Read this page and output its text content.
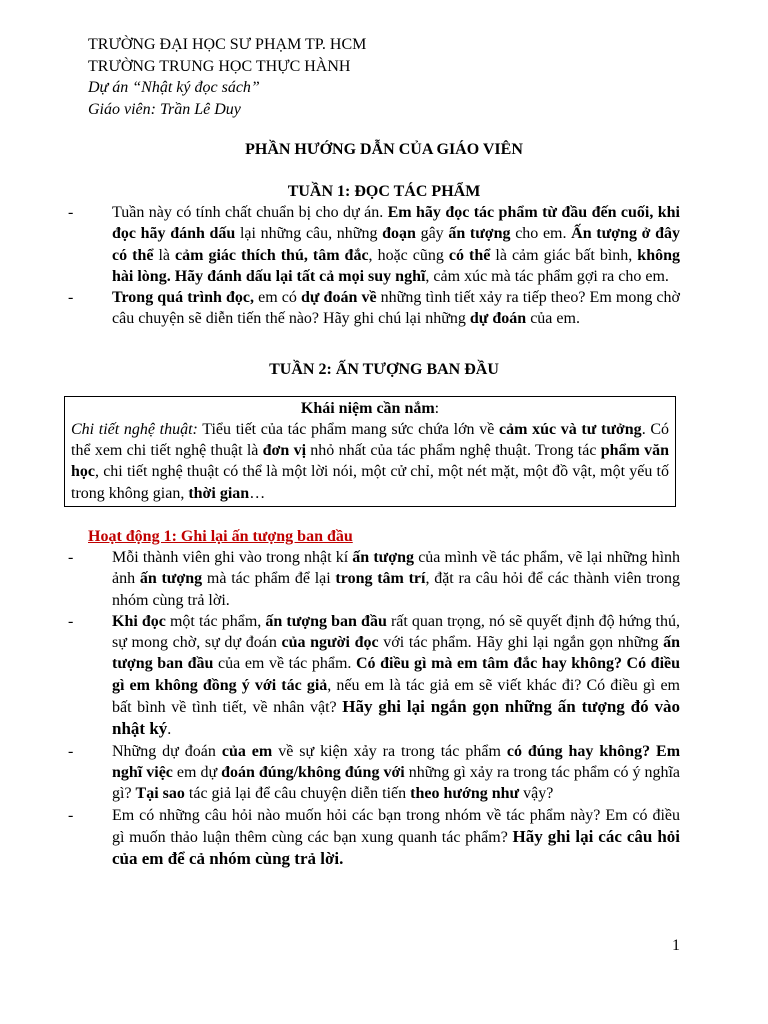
TRƯỜNG ĐẠI HỌC SƯ PHẠM TP. HCM
TRƯỜNG TRUNG HỌC THỰC HÀNH
Dự án “Nhật ký đọc sách”
Giáo viên: Trần Lê Duy
PHẦN HƯỚNG DẪN CỦA GIÁO VIÊN
TUẦN 1: ĐỌC TÁC PHẨM
- Tuần này có tính chất chuẩn bị cho dự án. Em hãy đọc tác phẩm từ đầu đến cuối, khi đọc hãy đánh dấu lại những câu, những đoạn gây ấn tượng cho em. Ấn tượng ở đây có thể là cảm giác thích thú, tâm đắc, hoặc cũng có thể là cảm giác bất bình, không hài lòng. Hãy đánh dấu lại tất cả mọi suy nghĩ, cảm xúc mà tác phẩm gợi ra cho em.
- Trong quá trình đọc, em có dự đoán về những tình tiết xảy ra tiếp theo? Em mong chờ câu chuyện sẽ diễn tiến thế nào? Hãy ghi chú lại những dự đoán của em.
TUẦN 2: ẤN TƯỢNG BAN ĐẦU
Khái niệm cần nắm:
Chi tiết nghệ thuật: Tiểu tiết của tác phẩm mang sức chứa lớn về cảm xúc và tư tưởng. Có thể xem chi tiết nghệ thuật là đơn vị nhỏ nhất của tác phẩm nghệ thuật. Trong tác phẩm văn học, chi tiết nghệ thuật có thể là một lời nói, một cử chỉ, một nét mặt, một đồ vật, một yếu tố trong không gian, thời gian…
Hoạt động 1: Ghi lại ấn tượng ban đầu
- Mỗi thành viên ghi vào trong nhật kí ấn tượng của mình về tác phẩm, vẽ lại những hình ảnh ấn tượng mà tác phẩm để lại trong tâm trí, đặt ra câu hỏi để các thành viên trong nhóm cùng trả lời.
- Khi đọc một tác phẩm, ấn tượng ban đầu rất quan trọng, nó sẽ quyết định độ hứng thú, sự mong chờ, sự dự đoán của người đọc với tác phẩm. Hãy ghi lại ngắn gọn những ấn tượng ban đầu của em về tác phẩm. Có điều gì mà em tâm đắc hay không? Có điều gì em không đồng ý với tác giả, nếu em là tác giả em sẽ viết khác đi? Có điều gì em bất bình về tình tiết, về nhân vật? Hãy ghi lại ngắn gọn những ấn tượng đó vào nhật ký.
- Những dự đoán của em về sự kiện xảy ra trong tác phẩm có đúng hay không? Em nghĩ việc em dự đoán đúng/không đúng với những gì xảy ra trong tác phẩm có ý nghĩa gì? Tại sao tác giả lại để câu chuyện diễn tiến theo hướng như vậy?
- Em có những câu hỏi nào muốn hỏi các bạn trong nhóm về tác phẩm này? Em có điều gì muốn thảo luận thêm cùng các bạn xung quanh tác phẩm? Hãy ghi lại các câu hỏi của em để cả nhóm cùng trả lời.
1
